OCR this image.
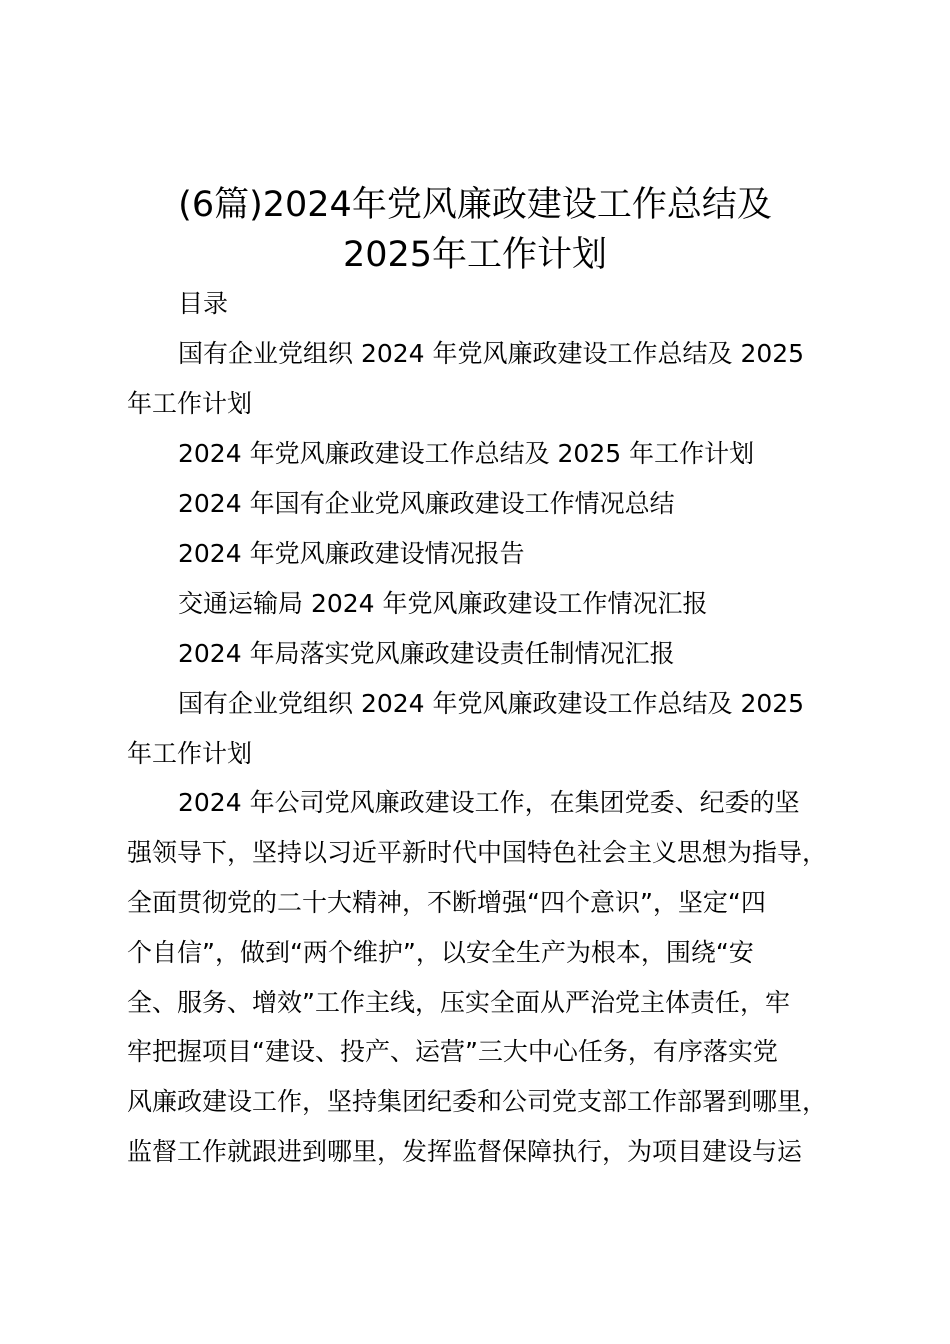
(6篇)2024年党风廉政建设工作总结及
2025年工作计划
目录
国有企业党组织 2024 年党风廉政建设工作总结及 2025
年工作计划
2024 年党风廉政建设工作总结及 2025 年工作计划
2024 年国有企业党风廉政建设工作情况总结
2024 年党风廉政建设情况报告
交通运输局 2024 年党风廉政建设工作情况汇报
2024 年局落实党风廉政建设责任制情况汇报
国有企业党组织 2024 年党风廉政建设工作总结及 2025
年工作计划
2024 年公司党风廉政建设工作，在集团党委、纪委的坚
强领导下，坚持以习近平新时代中国特色社会主义思想为指导，
全面贯彻党的二十大精神，不断增强“四个意识”，坚定“四
个自信”，做到“两个维护”，以安全生产为根本，围绕“安
全、服务、增效”工作主线，压实全面从严治党主体责任，牢
牢把握项目“建设、投产、运营”三大中心任务，有序落实党
风廉政建设工作，坚持集团纪委和公司党支部工作部署到哪里，
监督工作就跟进到哪里，发挥监督保障执行，为项目建设与运
